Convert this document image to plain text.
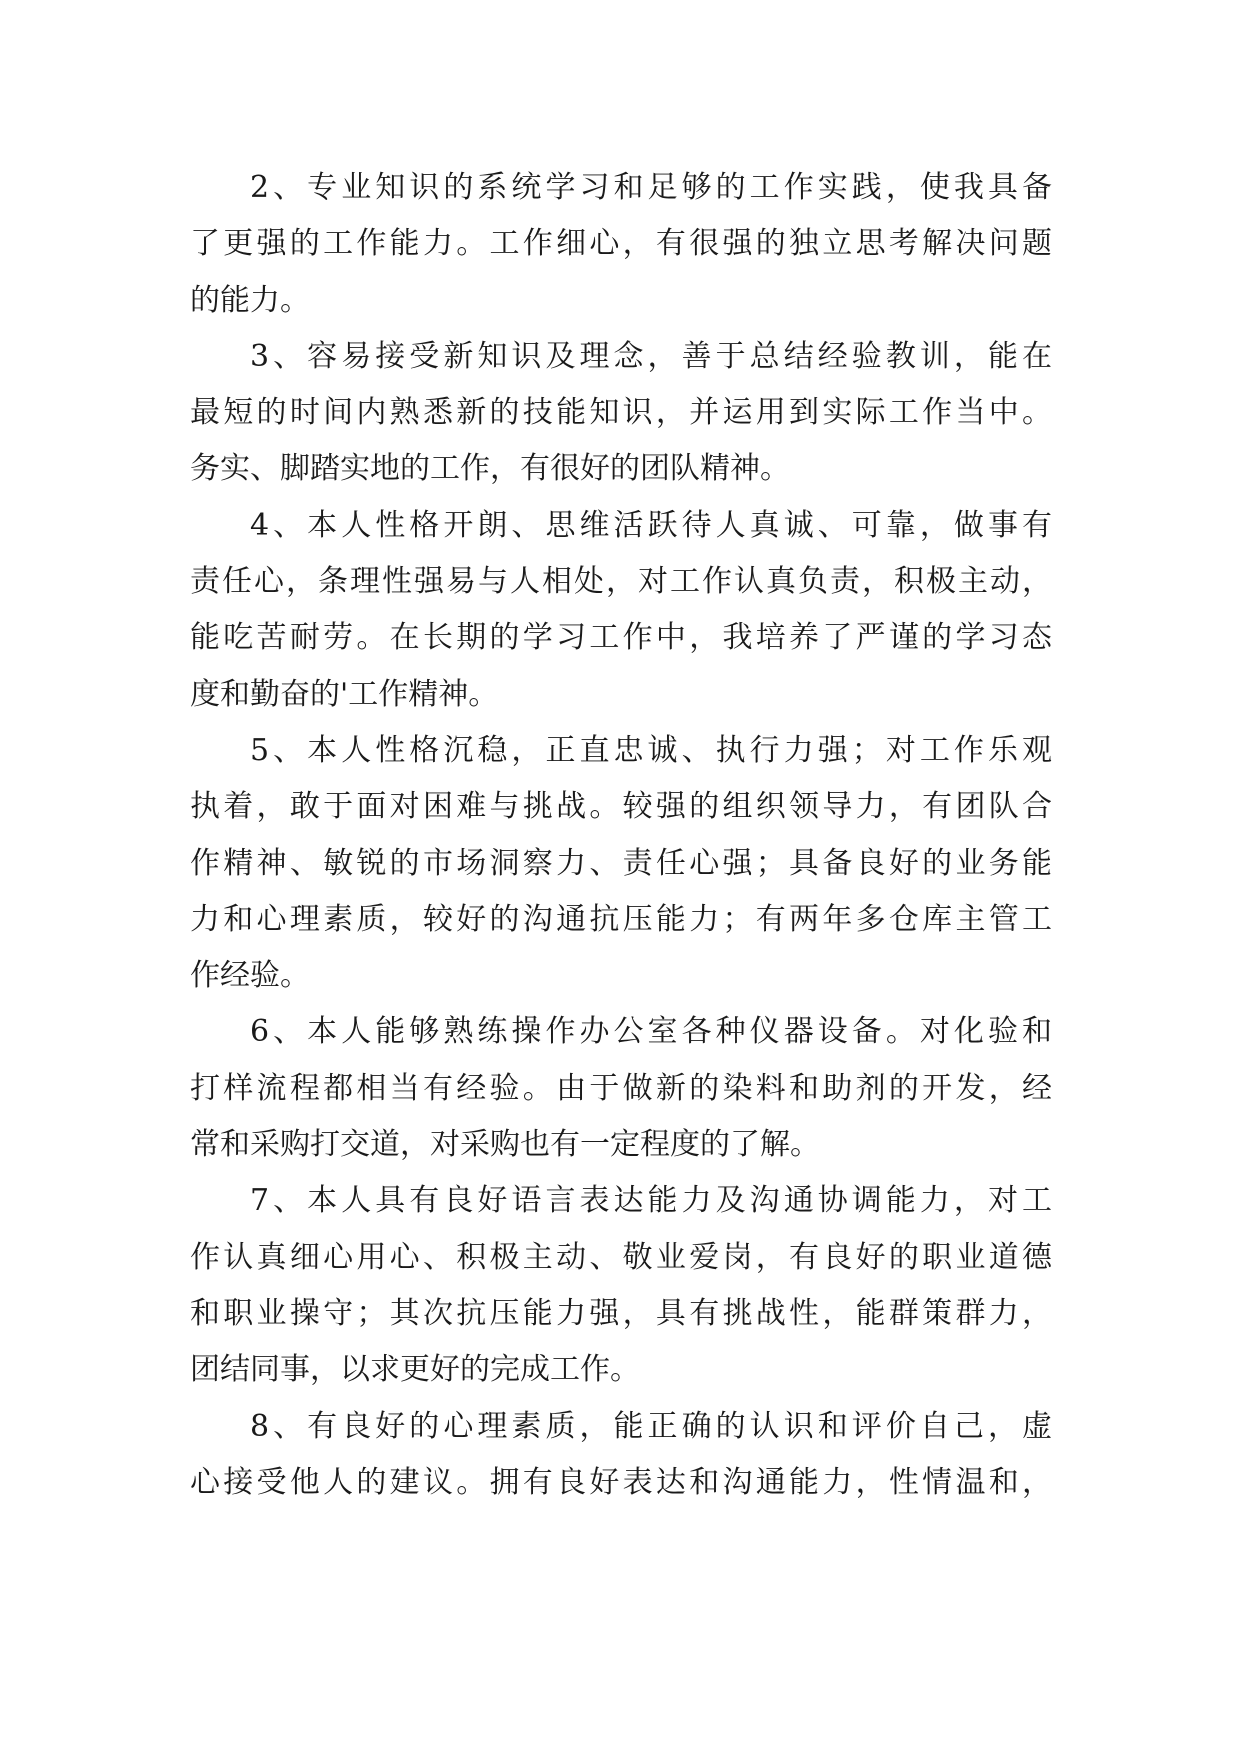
2、专业知识的系统学习和足够的工作实践，使我具备
了更强的工作能力。工作细心，有很强的独立思考解决问题
的能力。
3、容易接受新知识及理念，善于总结经验教训，能在
最短的时间内熟悉新的技能知识，并运用到实际工作当中。
务实、脚踏实地的工作，有很好的团队精神。
4、本人性格开朗、思维活跃待人真诚、可靠，做事有
责任心，条理性强易与人相处，对工作认真负责，积极主动，
能吃苦耐劳。在长期的学习工作中，我培养了严谨的学习态
度和勤奋的'工作精神。
5、本人性格沉稳，正直忠诚、执行力强；对工作乐观
执着，敢于面对困难与挑战。较强的组织领导力，有团队合
作精神、敏锐的市场洞察力、责任心强；具备良好的业务能
力和心理素质，较好的沟通抗压能力；有两年多仓库主管工
作经验。
6、本人能够熟练操作办公室各种仪器设备。对化验和
打样流程都相当有经验。由于做新的染料和助剂的开发，经
常和采购打交道，对采购也有一定程度的了解。
7、本人具有良好语言表达能力及沟通协调能力，对工
作认真细心用心、积极主动、敬业爱岗，有良好的职业道德
和职业操守；其次抗压能力强，具有挑战性，能群策群力，
团结同事，以求更好的完成工作。
8、有良好的心理素质，能正确的认识和评价自己，虚
心接受他人的建议。拥有良好表达和沟通能力，性情温和，
